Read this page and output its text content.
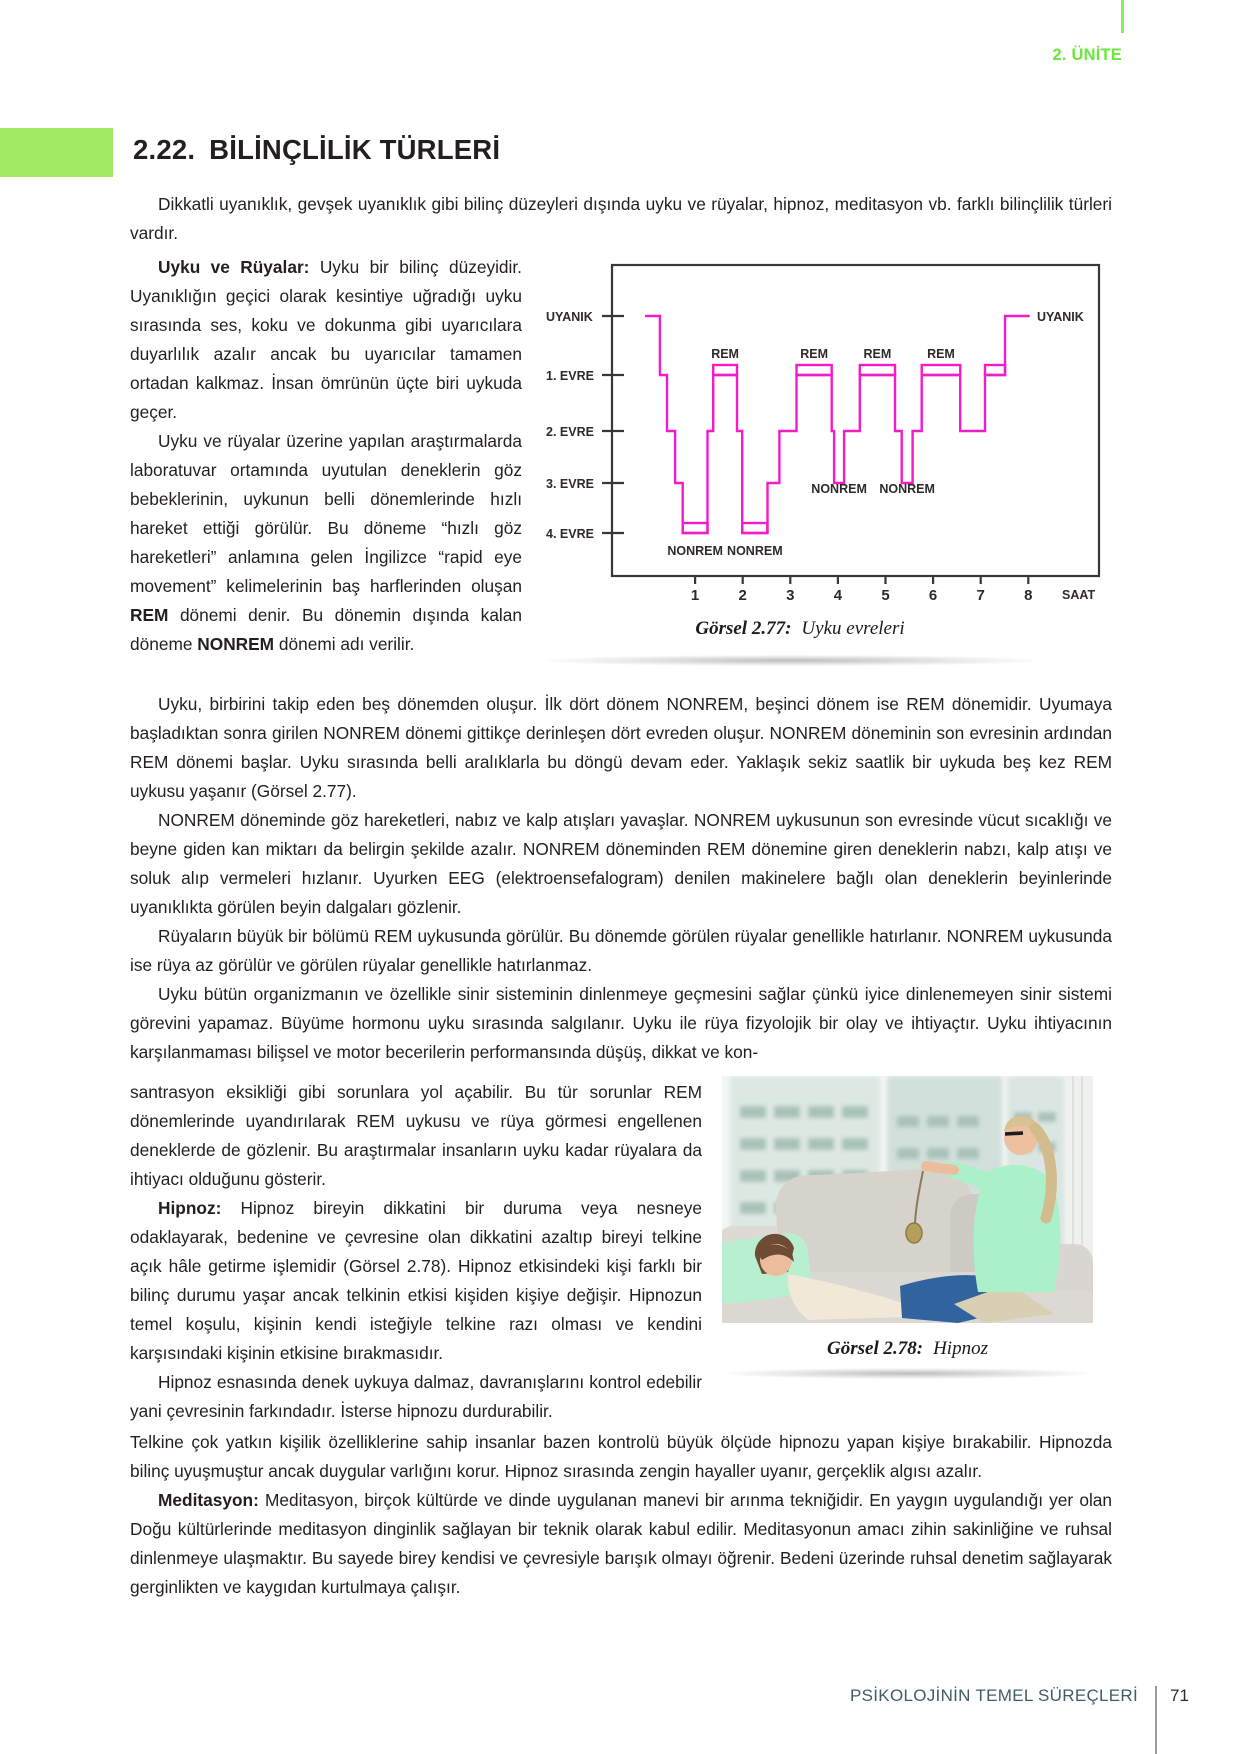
2. ÜNİTE
2.22. BİLİNÇLİLİK TÜRLERİ

Dikkatli uyanıklık, gevşek uyanıklık gibi bilinç düzeyleri dışında uyku ve rüyalar, hipnoz, meditasyon vb. farklı bilinçlilik türleri vardır.

Uyku ve Rüyalar: Uyku bir bilinç düzeyidir. Uyanıklığın geçici olarak kesintiye uğradığı uyku sırasında ses, koku ve dokunma gibi uyarıcılara duyarlılık azalır ancak bu uyarıcılar tamamen ortadan kalkmaz. İnsan ömrünün üçte biri uykuda geçer.

Uyku ve rüyalar üzerine yapılan araştırmalarda laboratuvar ortamında uyutulan deneklerin göz bebeklerinin, uykunun belli dönemlerinde hızlı hareket ettiği görülür. Bu döneme “hızlı göz hareketleri” anlamına gelen İngilizce “rapid eye movement” kelimelerinin baş harflerinden oluşan REM dönemi denir. Bu dönemin dışında kalan döneme NONREM dönemi adı verilir.

Uyku, birbirini takip eden beş dönemden oluşur. İlk dört dönem NONREM, beşinci dönem ise REM dönemidir. Uyumaya başladıktan sonra girilen NONREM dönemi gittikçe derinleşen dört evreden oluşur. NONREM döneminin son evresinin ardından REM dönemi başlar. Uyku sırasında belli aralıklarla bu döngü devam eder. Yaklaşık sekiz saatlik bir uykuda beş kez REM uykusu yaşanır (Görsel 2.77).

NONREM döneminde göz hareketleri, nabız ve kalp atışları yavaşlar. NONREM uykusunun son evresinde vücut sıcaklığı ve beyne giden kan miktarı da belirgin şekilde azalır. NONREM döneminden REM dönemine giren deneklerin nabzı, kalp atışı ve soluk alıp vermeleri hızlanır. Uyurken EEG (elektroensefalogram) denilen makinelere bağlı olan deneklerin beyinlerinde uyanıklıkta görülen beyin dalgaları gözlenir.

Rüyaların büyük bir bölümü REM uykusunda görülür. Bu dönemde görülen rüyalar genellikle hatırlanır. NONREM uykusunda ise rüya az görülür ve görülen rüyalar genellikle hatırlanmaz.

Uyku bütün organizmanın ve özellikle sinir sisteminin dinlenmeye geçmesini sağlar çünkü iyice dinlenemeyen sinir sistemi görevini yapamaz. Büyüme hormonu uyku sırasında salgılanır. Uyku ile rüya fizyolojik bir olay ve ihtiyaçtır. Uyku ihtiyacının karşılanmaması bilişsel ve motor becerilerin performansında düşüş, dikkat ve kon-

santrasyon eksikliği gibi sorunlara yol açabilir. Bu tür sorunlar REM dönemlerinde uyandırılarak REM uykusu ve rüya görmesi engellenen deneklerde de gözlenir. Bu araştırmalar insanların uyku kadar rüyalara da ihtiyacı olduğunu gösterir.

Hipnoz: Hipnoz bireyin dikkatini bir duruma veya nesneye odaklayarak, bedenine ve çevresine olan dikkatini azaltıp bireyi telkine açık hâle getirme işlemidir (Görsel 2.78). Hipnoz etkisindeki kişi farklı bir bilinç durumu yaşar ancak telkinin etkisi kişiden kişiye değişir. Hipnozun temel koşulu, kişinin kendi isteğiyle telkine razı olması ve kendini karşısındaki kişinin etkisine bırakmasıdır.

Hipnoz esnasında denek uykuya dalmaz, davranışlarını kontrol edebilir yani çevresinin farkındadır. İsterse hipnozu durdurabilir.

Telkine çok yatkın kişilik özelliklerine sahip insanlar bazen kontrolü büyük ölçüde hipnozu yapan kişiye bırakabilir. Hipnozda bilinç uyuşmuştur ancak duygular varlığını korur. Hipnoz sırasında zengin hayaller uyanır, gerçeklik algısı azalır.

Meditasyon: Meditasyon, birçok kültürde ve dinde uygulanan manevi bir arınma tekniğidir. En yaygın uygulandığı yer olan Doğu kültürlerinde meditasyon dinginlik sağlayan bir teknik olarak kabul edilir. Meditasyonun amacı zihin sakinliğine ve ruhsal dinlenmeye ulaşmaktır. Bu sayede birey kendisi ve çevresiyle barışık olmayı öğrenir. Bedeni üzerinde ruhsal denetim sağlayarak gerginlikten ve kaygıdan kurtulmaya çalışır.

UYANIK
1. EVRE
2. EVRE
3. EVRE
4. EVRE
1	2	3	4	5	6	7	8 SAAT
NONREM
REM
NONREM
REM
NONREM
REM
NONREM
REM
UYANIK
Görsel 2.77: Uyku evreleri
Görsel 2.78: Hipnoz
PSİKOLOJİNİN TEMEL SÜREÇLERİ 71
